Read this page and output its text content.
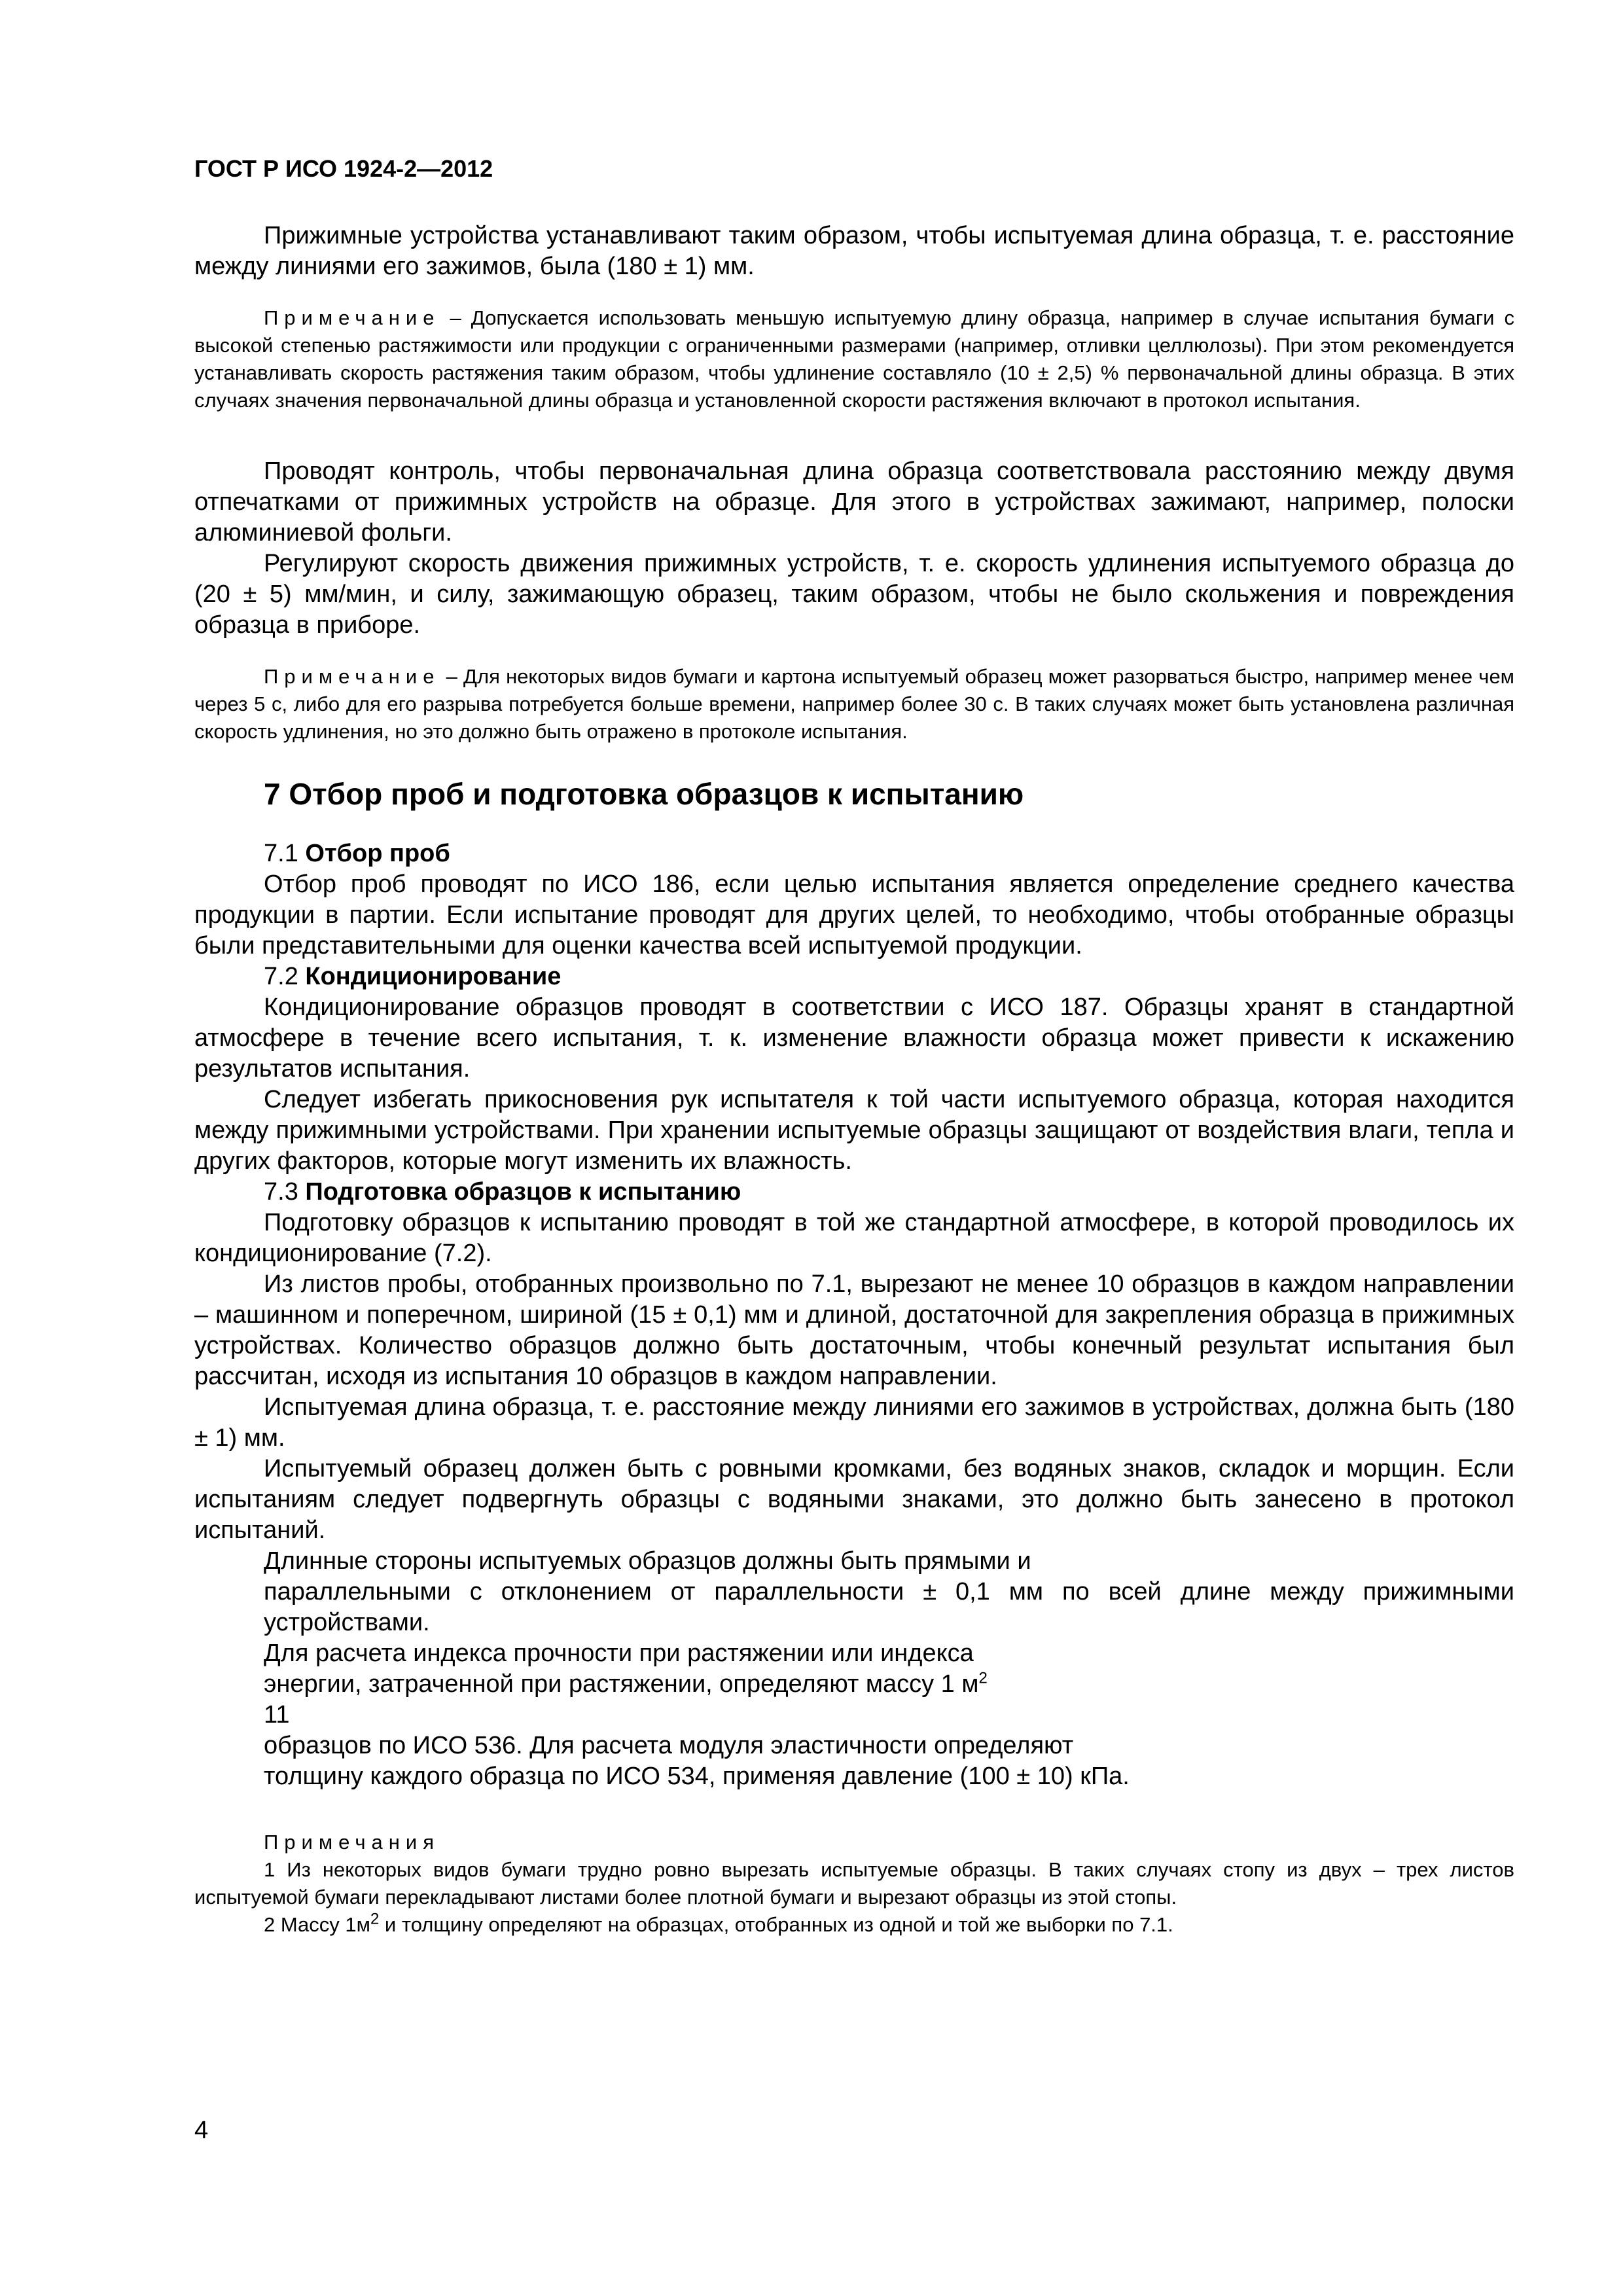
ГОСТ Р ИСО 1924-2—2012

Прижимные устройства устанавливают таким образом, чтобы испытуемая длина образца, т. е. расстояние между линиями его зажимов, была (180 ± 1) мм.

Примечание – Допускается использовать меньшую испытуемую длину образца, например в случае испытания бумаги с высокой степенью растяжимости или продукции с ограниченными размерами (например, отливки целлюлозы). При этом рекомендуется устанавливать скорость растяжения таким образом, чтобы удлинение составляло (10 ± 2,5) % первоначальной длины образца. В этих случаях значения первоначальной длины образца и установленной скорости растяжения включают в протокол испытания.

Проводят контроль, чтобы первоначальная длина образца соответствовала расстоянию между двумя отпечатками от прижимных устройств на образце. Для этого в устройствах зажимают, например, полоски алюминиевой фольги.

Регулируют скорость движения прижимных устройств, т. е. скорость удлинения испытуемого образца до (20 ± 5) мм/мин, и силу, зажимающую образец, таким образом, чтобы не было скольжения и повреждения образца в приборе.

Примечание – Для некоторых видов бумаги и картона испытуемый образец может разорваться быстро, например менее чем через 5 с, либо для его разрыва потребуется больше времени, например более 30 с. В таких случаях может быть установлена различная скорость удлинения, но это должно быть отражено в протоколе испытания.

7 Отбор проб и подготовка образцов к испытанию
7.1 Отбор проб

Отбор проб проводят по ИСО 186, если целью испытания является определение среднего качества продукции в партии. Если испытание проводят для других целей, то необходимо, чтобы отобранные образцы были представительными для оценки качества всей испытуемой продукции.

7.2 Кондиционирование

Кондиционирование образцов проводят в соответствии с ИСО 187. Образцы хранят в стандартной атмосфере в течение всего испытания, т. к. изменение влажности образца может привести к искажению результатов испытания.

Следует избегать прикосновения рук испытателя к той части испытуемого образца, которая находится между прижимными устройствами. При хранении испытуемые образцы защищают от воздействия влаги, тепла и других факторов, которые могут изменить их влажность.

7.3 Подготовка образцов к испытанию

Подготовку образцов к испытанию проводят в той же стандартной атмосфере, в которой проводилось их кондиционирование (7.2).

Из листов пробы, отобранных произвольно по 7.1, вырезают не менее 10 образцов в каждом направлении – машинном и поперечном, шириной (15 ± 0,1) мм и длиной, достаточной для закрепления образца в прижимных устройствах. Количество образцов должно быть достаточным, чтобы конечный результат испытания был рассчитан, исходя из испытания 10 образцов в каждом направлении.

Испытуемая длина образца, т. е. расстояние между линиями его зажимов в устройствах, должна быть (180 ± 1) мм.

Испытуемый образец должен быть с ровными кромками, без водяных знаков, складок и морщин. Если испытаниям следует подвергнуть образцы с водяными знаками, это должно быть занесено в протокол испытаний.

Длинные стороны испытуемых образцов должны быть прямыми и

параллельными с отклонением от параллельности ± 0,1 мм по всей длине между прижимными устройствами.

Для расчета индекса прочности при растяжении или индекса

энергии, затраченной при растяжении, определяют массу 1 $м^2$

11

образцов по ИСО 536. Для расчета модуля эластичности определяют

толщину каждого образца по ИСО 534, применяя давление (100 ± 10) кПа.

Примечания

1 Из некоторых видов бумаги трудно ровно вырезать испытуемые образцы. В таких случаях стопу из двух – трех листов испытуемой бумаги перекладывают листами более плотной бумаги и вырезают образцы из этой стопы.

2 Массу $1м^2$ и толщину определяют на образцах, отобранных из одной и той же выборки по 7.1.

4
